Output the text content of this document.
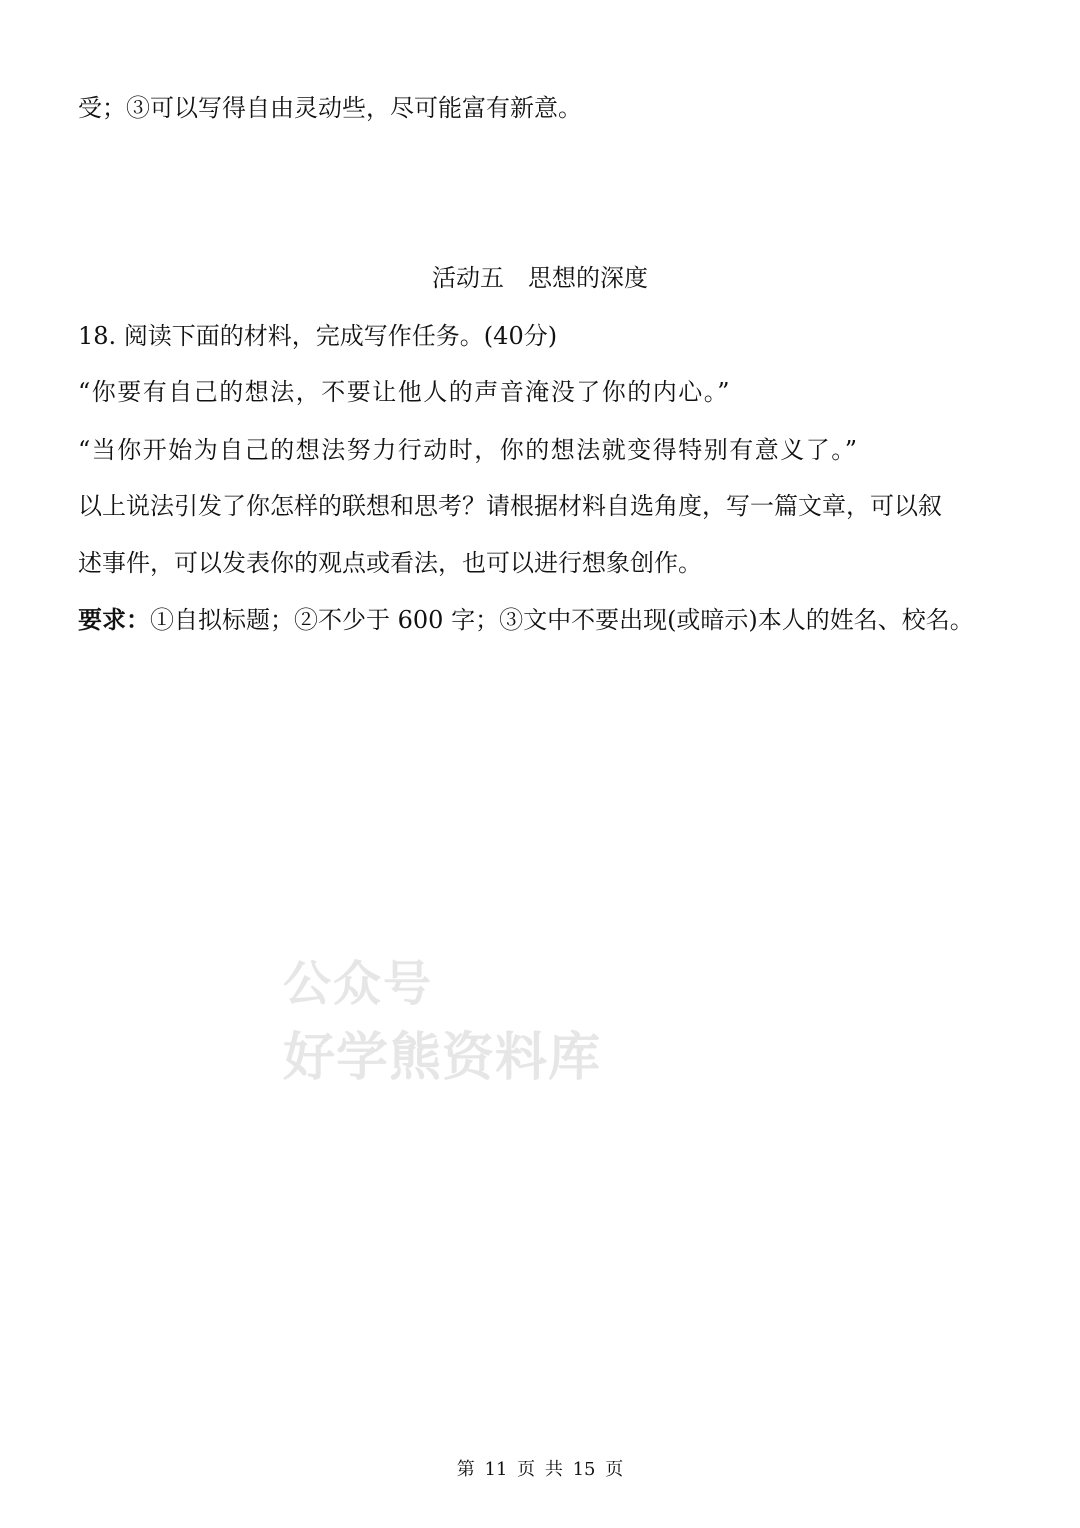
受；③可以写得自由灵动些，尽可能富有新意。
活动五　思想的深度
18. 阅读下面的材料，完成写作任务。(40分)
“你要有自己的想法，不要让他人的声音淹没了你的内心。”
“当你开始为自己的想法努力行动时，你的想法就变得特别有意义了。”
以上说法引发了你怎样的联想和思考？请根据材料自选角度，写一篇文章，可以叙
述事件，可以发表你的观点或看法，也可以进行想象创作。
要求：①自拟标题；②不少于 600 字；③文中不要出现(或暗示)本人的姓名、校名。
公众号
好学熊资料库
第 11 页 共 15 页
